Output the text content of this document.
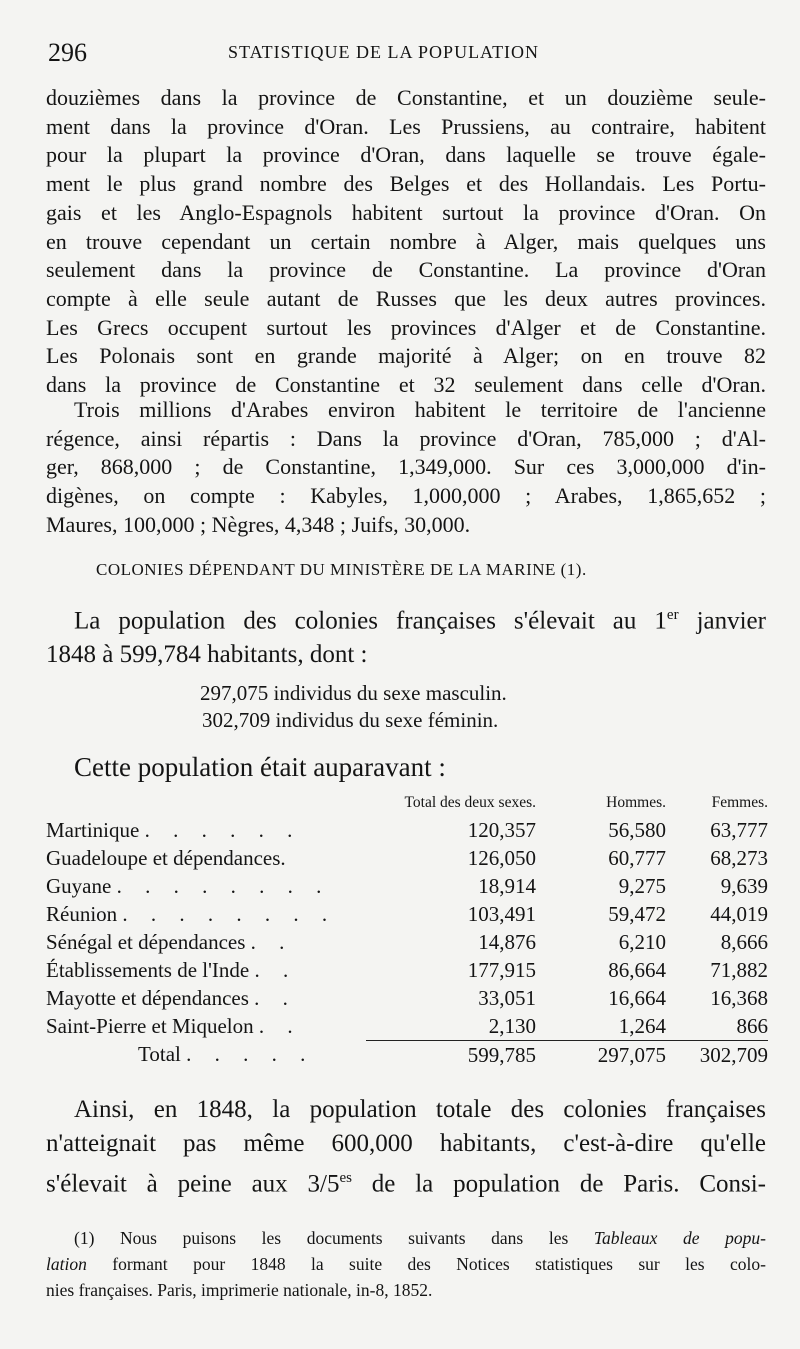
296	STATISTIQUE DE LA POPULATION
douzièmes dans la province de Constantine, et un douzième seule-
ment dans la province d'Oran. Les Prussiens, au contraire, habitent
pour la plupart la province d'Oran, dans laquelle se trouve égale-
ment le plus grand nombre des Belges et des Hollandais. Les Portu-
gais et les Anglo-Espagnols habitent surtout la province d'Oran. On
en trouve cependant un certain nombre à Alger, mais quelques uns
seulement dans la province de Constantine. La province d'Oran
compte à elle seule autant de Russes que les deux autres provinces.
Les Grecs occupent surtout les provinces d'Alger et de Constantine.
Les Polonais sont en grande majorité à Alger; on en trouve 82
dans la province de Constantine et 32 seulement dans celle d'Oran.
Trois millions d'Arabes environ habitent le territoire de l'ancienne
régence, ainsi répartis : Dans la province d'Oran, 785,000 ; d'Al-
ger, 868,000 ; de Constantine, 1,349,000. Sur ces 3,000,000 d'in-
digènes, on compte : Kabyles, 1,000,000 ; Arabes, 1,865,652 ;
Maures, 100,000 ; Nègres, 4,348 ; Juifs, 30,000.
COLONIES DÉPENDANT DU MINISTÈRE DE LA MARINE (1).
La population des colonies françaises s'élevait au 1er janvier
1848 à 599,784 habitants, dont :
297,075 individus du sexe masculin.
302,709 individus du sexe féminin.
Cette population était auparavant :
	Total des deux sexes.	Hommes.	Femmes.
Martinique . . . . . .	120,357	56,580	63,777
Guadeloupe et dépendances.	126,050	60,777	68,273
Guyane . . . . . . . .	18,914	9,275	9,639
Réunion . . . . . . . .	103,491	59,472	44,019
Sénégal et dépendances . .	14,876	6,210	8,666
Établissements de l'Inde . .	177,915	86,664	71,882
Mayotte et dépendances . .	33,051	16,664	16,368
Saint-Pierre et Miquelon . .	2,130	1,264	866
Total . . . . .	599,785	297,075	302,709
Ainsi, en 1848, la population totale des colonies françaises
n'atteignait pas même 600,000 habitants, c'est-à-dire qu'elle
s'élevait à peine aux $3/5^{es}$ de la population de Paris. Consi-
(1) Nous puisons les documents suivants dans les Tableaux de popu-
lation formant pour 1848 la suite des Notices statistiques sur les colo-
nies françaises. Paris, imprimerie nationale, in-8, 1852.
